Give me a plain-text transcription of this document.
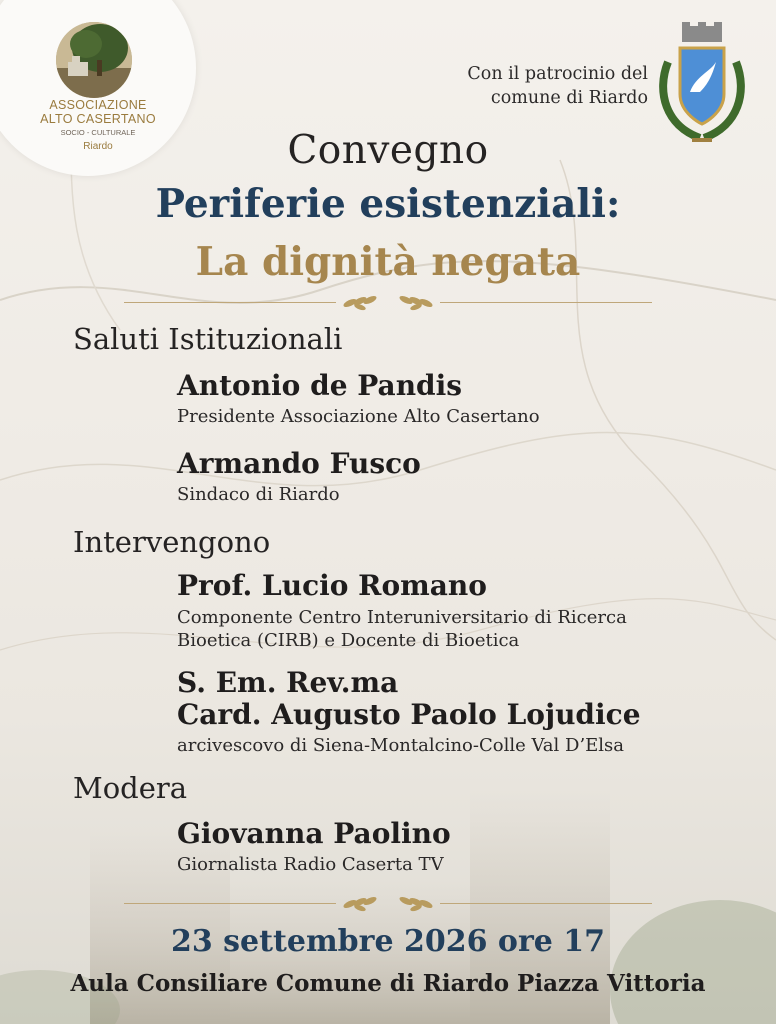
ASSOCIAZIONE
ALTO CASERTANO
SOCIO - CULTURALE
Riardo
Con il patrocinio del
comune di Riardo
Convegno
Periferie esistenziali:
La dignità negata
Saluti Istituzionali
Antonio de Pandis
Presidente Associazione Alto Casertano
Armando Fusco
Sindaco di Riardo
Intervengono
Prof. Lucio Romano
Componente Centro Interuniversitario di Ricerca
Bioetica (CIRB) e Docente di Bioetica
S. Em. Rev.ma
Card. Augusto Paolo Lojudice
arcivescovo di Siena-Montalcino-Colle Val D’Elsa
Modera
Giovanna Paolino
Giornalista Radio Caserta TV
23 settembre 2026 ore 17
Aula Consiliare Comune di Riardo Piazza Vittoria
